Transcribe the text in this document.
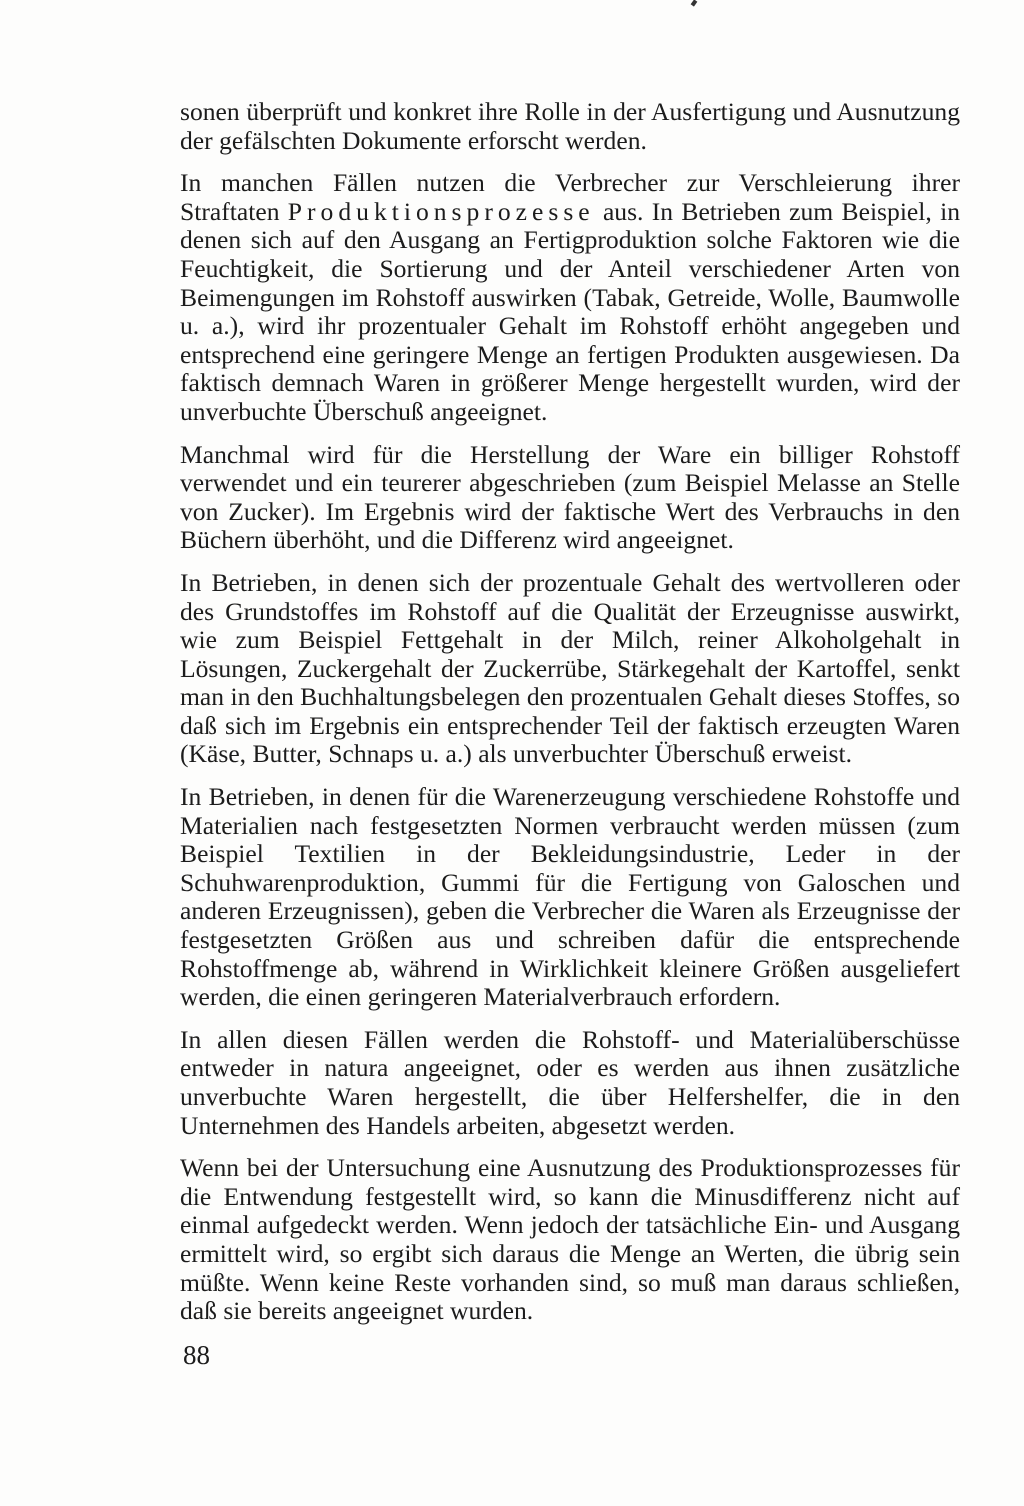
sonen überprüft und konkret ihre Rolle in der Ausfertigung und Ausnutzung der gefälschten Dokumente erforscht werden.

In manchen Fällen nutzen die Verbrecher zur Verschleierung ihrer Straftaten Produktionsprozesse aus. In Betrieben zum Beispiel, in denen sich auf den Ausgang an Fertigproduktion solche Faktoren wie die Feuchtigkeit, die Sortierung und der Anteil verschiedener Arten von Beimengungen im Rohstoff auswirken (Tabak, Getreide, Wolle, Baumwolle u. a.), wird ihr prozentualer Gehalt im Rohstoff erhöht angegeben und entsprechend eine geringere Menge an fertigen Produkten ausgewiesen. Da faktisch demnach Waren in größerer Menge hergestellt wurden, wird der unverbuchte Überschuß angeeignet.

Manchmal wird für die Herstellung der Ware ein billiger Rohstoff verwendet und ein teurerer abgeschrieben (zum Beispiel Melasse an Stelle von Zucker). Im Ergebnis wird der faktische Wert des Verbrauchs in den Büchern überhöht, und die Differenz wird angeeignet.

In Betrieben, in denen sich der prozentuale Gehalt des wertvolleren oder des Grundstoffes im Rohstoff auf die Qualität der Erzeugnisse auswirkt, wie zum Beispiel Fettgehalt in der Milch, reiner Alkoholgehalt in Lösungen, Zuckergehalt der Zuckerrübe, Stärkegehalt der Kartoffel, senkt man in den Buchhaltungsbelegen den prozentualen Gehalt dieses Stoffes, so daß sich im Ergebnis ein entsprechender Teil der faktisch erzeugten Waren (Käse, Butter, Schnaps u. a.) als unverbuchter Überschuß erweist.

In Betrieben, in denen für die Warenerzeugung verschiedene Rohstoffe und Materialien nach festgesetzten Normen verbraucht werden müssen (zum Beispiel Textilien in der Bekleidungsindustrie, Leder in der Schuhwarenproduktion, Gummi für die Fertigung von Galoschen und anderen Erzeugnissen), geben die Verbrecher die Waren als Erzeugnisse der festgesetzten Größen aus und schreiben dafür die entsprechende Rohstoffmenge ab, während in Wirklichkeit kleinere Größen ausgeliefert werden, die einen geringeren Materialverbrauch erfordern.

In allen diesen Fällen werden die Rohstoff- und Materialüberschüsse entweder in natura angeeignet, oder es werden aus ihnen zusätzliche unverbuchte Waren hergestellt, die über Helfershelfer, die in den Unternehmen des Handels arbeiten, abgesetzt werden.

Wenn bei der Untersuchung eine Ausnutzung des Produktionsprozesses für die Entwendung festgestellt wird, so kann die Minusdifferenz nicht auf einmal aufgedeckt werden. Wenn jedoch der tatsächliche Ein- und Ausgang ermittelt wird, so ergibt sich daraus die Menge an Werten, die übrig sein müßte. Wenn keine Reste vorhanden sind, so muß man daraus schließen, daß sie bereits angeeignet wurden.

88
